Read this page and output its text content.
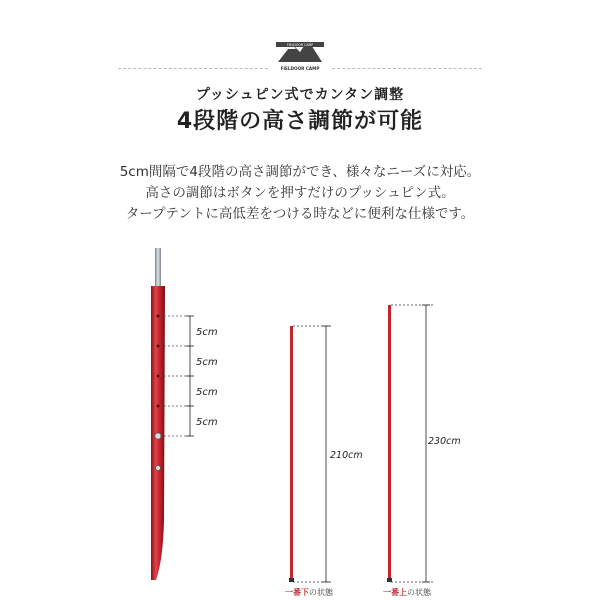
FIELDOOR CAMP
FIELDOOR CAMP
プッシュピン式でカンタン調整
4段階の高さ調節が可能
5cm間隔で4段階の高さ調節ができ、様々なニーズに対応。
高さの調節はボタンを押すだけのプッシュピン式。
タープテントに高低差をつける時などに便利な仕様です。
5cm
5cm
5cm
5cm
210cm
一番下の状態
230cm
一番上の状態
